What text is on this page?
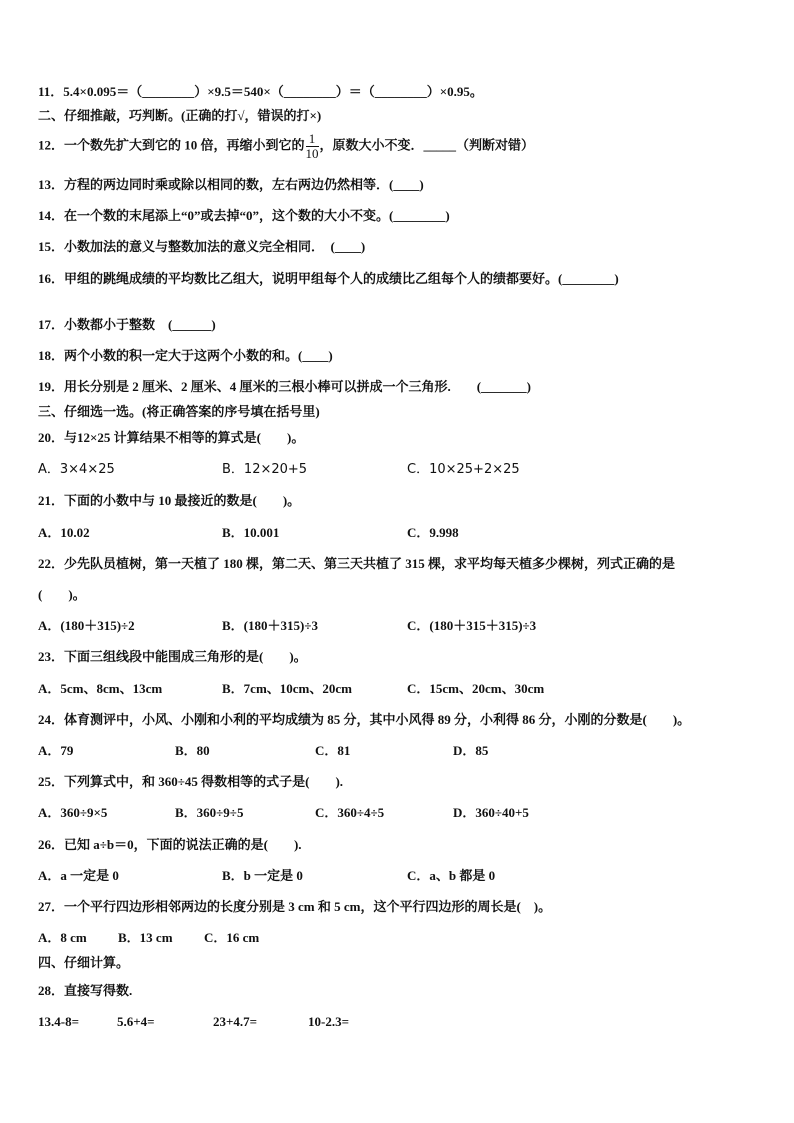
11．5.4×0.095＝（________）×9.5＝540×（________）＝（________）×0.95。
二、仔细推敲，巧判断。(正确的打√，错误的打×)
12．一个数先扩大到它的 10 倍，再缩小到它的 $\frac{1}{10}$ ，原数大小不变．_____（判断对错）
13．方程的两边同时乘或除以相同的数，左右两边仍然相等．(____)
14．在一个数的末尾添上“0”或去掉“0”，这个数的大小不变。(________)
15．小数加法的意义与整数加法的意义完全相同．　(____)
16．甲组的跳绳成绩的平均数比乙组大，说明甲组每个人的成绩比乙组每个人的绩都要好。(________)
17．小数都小于整数　(______)
18．两个小数的积一定大于这两个小数的和。(____)
19．用长分别是 2 厘米、2 厘米、4 厘米的三根小棒可以拼成一个三角形.　　(_______)
三、仔细选一选。(将正确答案的序号填在括号里)
20．与12×25 计算结果不相等的算式是(　　)。
A．3×4×25	B．12×20+5	C．10×25+2×25
21．下面的小数中与 10 最接近的数是(　　)。
A．10.02	B．10.001	C．9.998
22．少先队员植树，第一天植了 180 棵，第二天、第三天共植了 315 棵，求平均每天植多少棵树，列式正确的是
(　　)。
A．(180＋315)÷2	B．(180＋315)÷3	C．(180＋315＋315)÷3
23．下面三组线段中能围成三角形的是(　　)。
A．5cm、8cm、13cm	B．7cm、10cm、20cm	C．15cm、20cm、30cm
24．体育测评中，小风、小刚和小利的平均成绩为 85 分，其中小风得 89 分，小利得 86 分，小刚的分数是(　　)。
A．79	B．80	C．81	D．85
25．下列算式中，和 360÷45 得数相等的式子是(　　).
A．360÷9×5	B．360÷9÷5	C．360÷4÷5	D．360÷40+5
26．已知 a÷b＝0，下面的说法正确的是(　　).
A．a 一定是 0	B．b 一定是 0	C．a、b 都是 0
27．一个平行四边形相邻两边的长度分别是 3 cm 和 5 cm，这个平行四边形的周长是(　)。
A．8 cm B．13 cm C．16 cm
四、仔细计算。
28．直接写得数.
13.4-8=	5.6+4=	23+4.7=	10-2.3=
